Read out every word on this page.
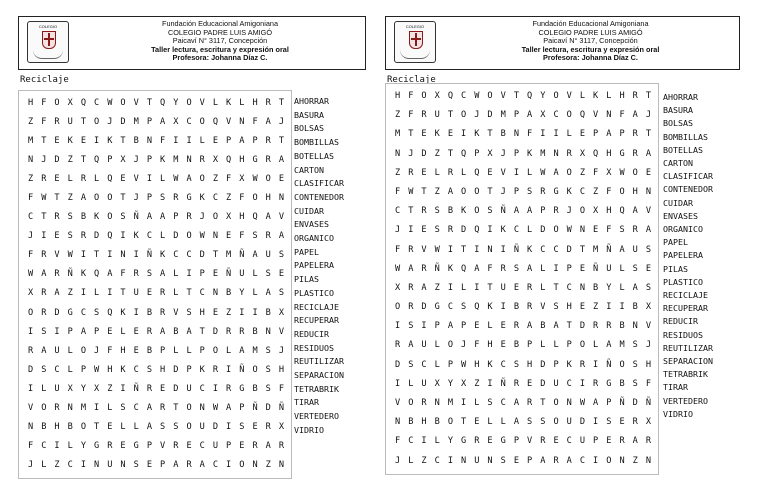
COLEGIO	Fundación Educacional Amigoniana
COLEGIO PADRE LUIS AMIGÓ
Paicaví N° 3117, Concepción
Taller lectura, escritura y expresión oral
Profesora: Johanna Díaz C.
Reciclaje
H F O X Q C W O V T Q Y O V L K L H R T
Z F R U T O J D M P A X C O Q V N F A J
M T E K E I K T B N F I I L E P A P R T
N J D Z T Q P X J P K M N R X Q H G R A
Z R E L R L Q E V I L W A O Z F X W O E
F W T Z A O O T J P S R G K C Z F O H N
C T R S B K O S Ñ A A P R J O X H Q A V
J I E S R D Q I K C L D O W N E F S R A
F R V W I T I N I Ñ K C C D T M Ñ A U S
W A R Ñ K Q A F R S A L I P E Ñ U L S E
X R A Z I L I T U E R L T C N B Y L A S
O R D G C S Q K I B R V S H E Z I I B X
I S I P A P E L E R A B A T D R R B N V
R A U L O J F H E B P L L P O L A M S J
D S C L P W H K C S H D P K R I Ñ O S H
I L U X Y X Z I Ñ R E D U C I R G B S F
V O R N M I L S C A R T O N W A P Ñ D Ñ
N B H B O T E L L A S S O U D I S E R X
F C I L Y G R E G P V R E C U P E R A R
J L Z C I N U N S E P A R A C I O N Z N
AHORRAR
BASURA
BOLSAS
BOMBILLAS
BOTELLAS
CARTON
CLASIFICAR
CONTENEDOR
CUIDAR
ENVASES
ORGANICO
PAPEL
PAPELERA
PILAS
PLASTICO
RECICLAJE
RECUPERAR
REDUCIR
RESIDUOS
REUTILIZAR
SEPARACION
TETRABRIK
TIRAR
VERTEDERO
VIDRIO
COLEGIO	Fundación Educacional Amigoniana
COLEGIO PADRE LUIS AMIGÓ
Paicaví N° 3117, Concepción
Taller lectura, escritura y expresión oral
Profesora: Johanna Díaz C.
Reciclaje
H F O X Q C W O V T Q Y O V L K L H R T
Z F R U T O J D M P A X C O Q V N F A J
M T E K E I K T B N F I I L E P A P R T
N J D Z T Q P X J P K M N R X Q H G R A
Z R E L R L Q E V I L W A O Z F X W O E
F W T Z A O O T J P S R G K C Z F O H N
C T R S B K O S Ñ A A P R J O X H Q A V
J I E S R D Q I K C L D O W N E F S R A
F R V W I T I N I Ñ K C C D T M Ñ A U S
W A R Ñ K Q A F R S A L I P E Ñ U L S E
X R A Z I L I T U E R L T C N B Y L A S
O R D G C S Q K I B R V S H E Z I I B X
I S I P A P E L E R A B A T D R R B N V
R A U L O J F H E B P L L P O L A M S J
D S C L P W H K C S H D P K R I Ñ O S H
I L U X Y X Z I Ñ R E D U C I R G B S F
V O R N M I L S C A R T O N W A P Ñ D Ñ
N B H B O T E L L A S S O U D I S E R X
F C I L Y G R E G P V R E C U P E R A R
J L Z C I N U N S E P A R A C I O N Z N
AHORRAR
BASURA
BOLSAS
BOMBILLAS
BOTELLAS
CARTON
CLASIFICAR
CONTENEDOR
CUIDAR
ENVASES
ORGANICO
PAPEL
PAPELERA
PILAS
PLASTICO
RECICLAJE
RECUPERAR
REDUCIR
RESIDUOS
REUTILIZAR
SEPARACION
TETRABRIK
TIRAR
VERTEDERO
VIDRIO
